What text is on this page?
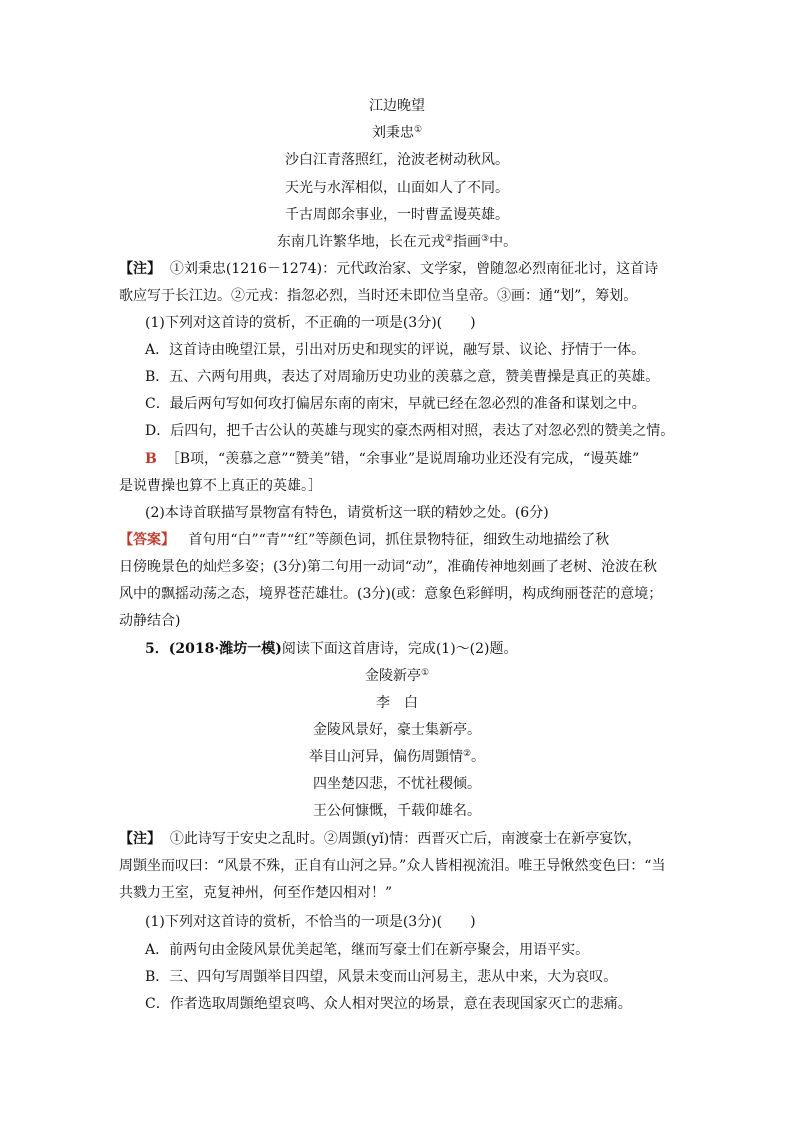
江边晚望
刘秉忠①
沙白江青落照红，沧波老树动秋风。
天光与水浑相似，山面如人了不同。
千古周郎余事业，一时曹孟谩英雄。
东南几许繁华地，长在元戎②指画③中。
【注】 ①刘秉忠(1216－1274)：元代政治家、文学家，曾随忽必烈南征北讨，这首诗
歌应写于长江边。②元戎：指忽必烈，当时还未即位当皇帝。③画：通“划”，筹划。
(1)下列对这首诗的赏析，不正确的一项是(3分)(　　)
A．这首诗由晚望江景，引出对历史和现实的评说，融写景、议论、抒情于一体。
B．五、六两句用典，表达了对周瑜历史功业的羡慕之意，赞美曹操是真正的英雄。
C．最后两句写如何攻打偏居东南的南宋，早就已经在忽必烈的准备和谋划之中。
D．后四句，把千古公认的英雄与现实的豪杰两相对照，表达了对忽必烈的赞美之情。
B ［B项，“羡慕之意”“赞美”错，“余事业”是说周瑜功业还没有完成，“谩英雄”
是说曹操也算不上真正的英雄。］
(2)本诗首联描写景物富有特色，请赏析这一联的精妙之处。(6分)
【答案】 首句用“白”“青”“红”等颜色词，抓住景物特征，细致生动地描绘了秋
日傍晚景色的灿烂多姿；(3分)第二句用一动词“动”，准确传神地刻画了老树、沧波在秋
风中的飘摇动荡之态，境界苍茫雄壮。(3分)(或：意象色彩鲜明，构成绚丽苍茫的意境；
动静结合)
5．(2018·潍坊一模)阅读下面这首唐诗，完成(1)～(2)题。
金陵新亭①
李　白
金陵风景好，豪士集新亭。
举目山河异，偏伤周顗情②。
四坐楚囚悲，不忧社稷倾。
王公何慷慨，千载仰雄名。
【注】 ①此诗写于安史之乱时。②周顗(yǐ)情：西晋灭亡后，南渡豪士在新亭宴饮，
周顗坐而叹曰：“风景不殊，正自有山河之异。”众人皆相视流泪。唯王导愀然变色曰：“当
共戮力王室，克复神州，何至作楚囚相对！”
(1)下列对这首诗的赏析，不恰当的一项是(3分)(　　)
A．前两句由金陵风景优美起笔，继而写豪士们在新亭聚会，用语平实。
B．三、四句写周顗举目四望，风景未变而山河易主，悲从中来，大为哀叹。
C．作者选取周顗绝望哀鸣、众人相对哭泣的场景，意在表现国家灭亡的悲痛。
